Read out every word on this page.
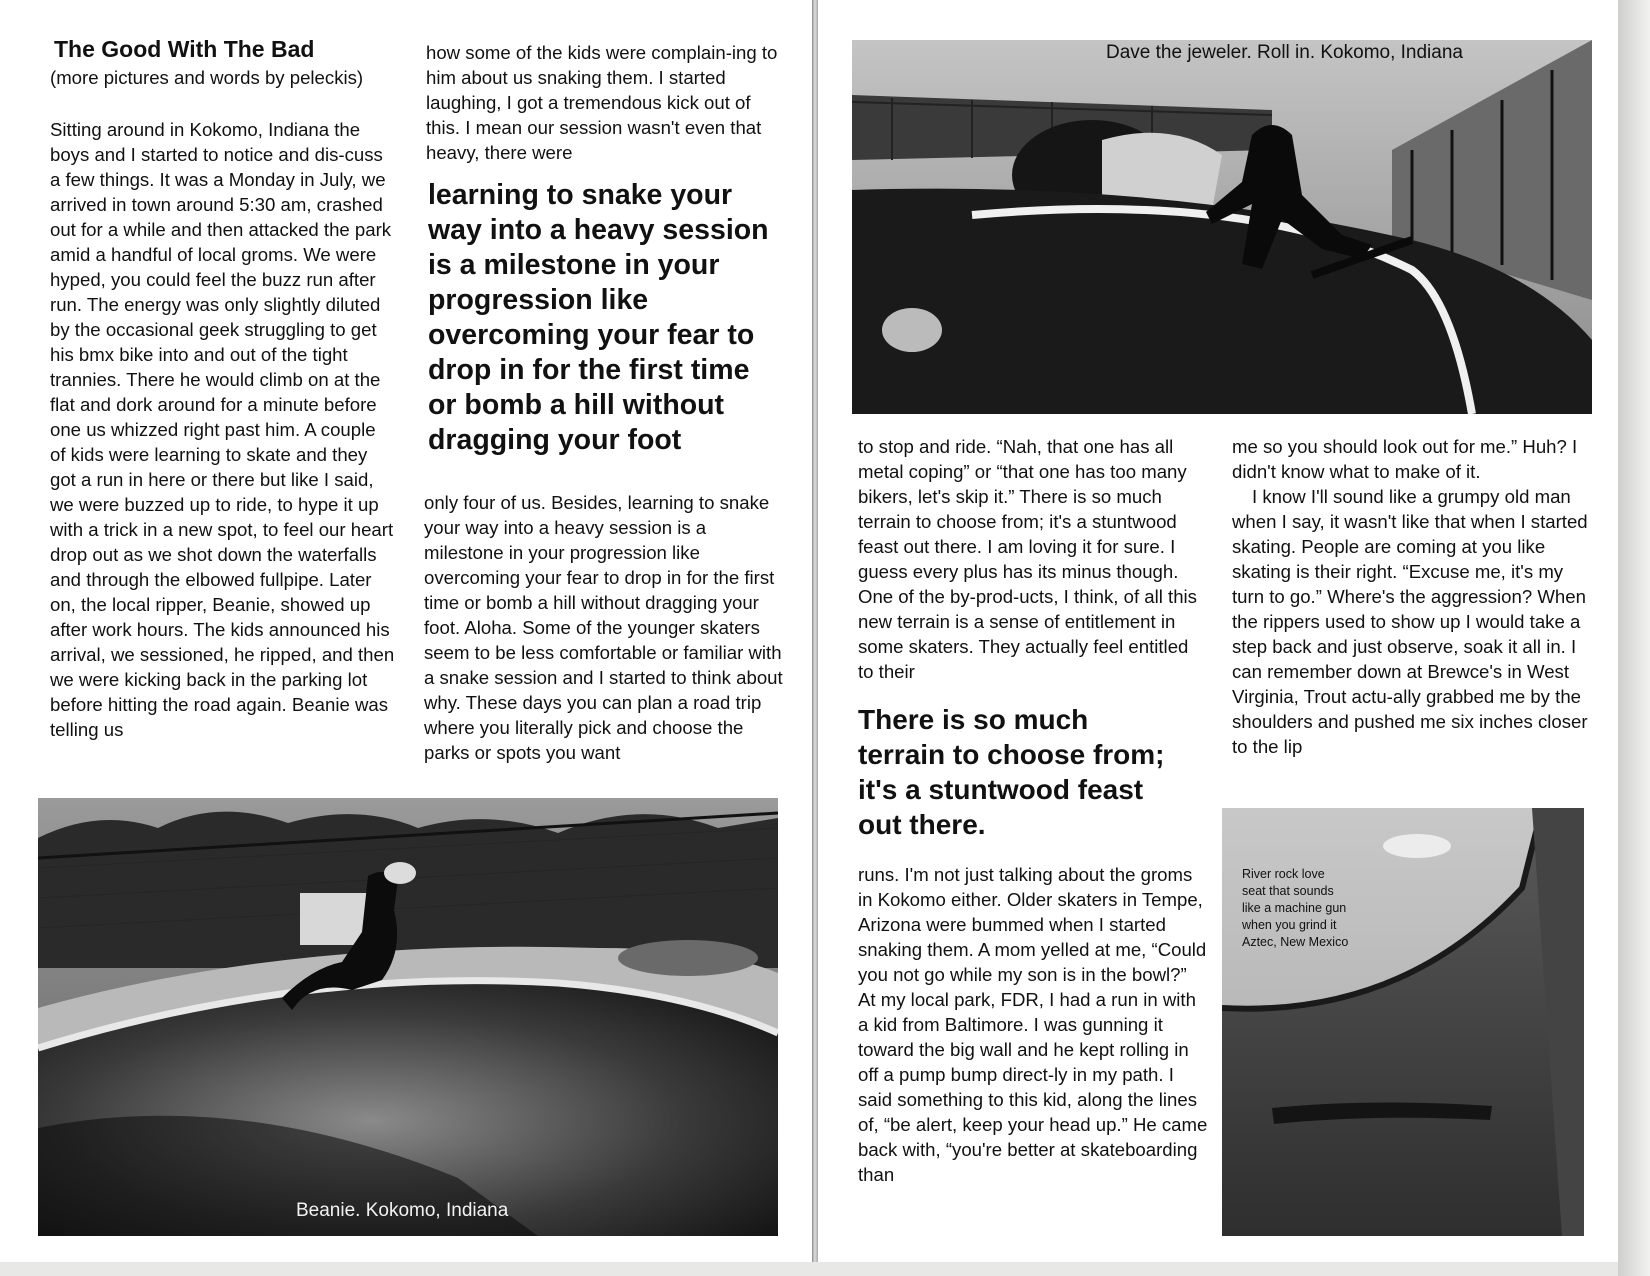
The Good With The Bad
(more pictures and words by peleckis)
Sitting around in Kokomo, Indiana the boys and I started to notice and dis-cuss a few things. It was a Monday in July, we arrived in town around 5:30 am, crashed out for a while and then attacked the park amid a handful of local groms. We were hyped, you could feel the buzz run after run. The energy was only slightly diluted by the occasional geek struggling to get his bmx bike into and out of the tight trannies. There he would climb on at the flat and dork around for a minute before one us whizzed right past him. A couple of kids were learning to skate and they got a run in here or there but like I said, we were buzzed up to ride, to hype it up with a trick in a new spot, to feel our heart drop out as we shot down the waterfalls and through the elbowed fullpipe. Later on, the local ripper, Beanie, showed up after work hours. The kids announced his arrival, we sessioned, he ripped, and then we were kicking back in the parking lot before hitting the road again. Beanie was telling us
how some of the kids were complain-ing to him about us snaking them. I started laughing, I got a tremendous kick out of this. I mean our session wasn't even that heavy, there were
learning to snake your way into a heavy session is a milestone in your progression like overcoming your fear to drop in for the first time or bomb a hill without dragging your foot
only four of us. Besides, learning to snake your way into a heavy session is a milestone in your progression like overcoming your fear to drop in for the first time or bomb a hill without dragging your foot. Aloha. Some of the younger skaters seem to be less comfortable or familiar with a snake session and I started to think about why. These days you can plan a road trip where you literally pick and choose the parks or spots you want
Beanie. Kokomo, Indiana
Dave the jeweler. Roll in. Kokomo, Indiana
to stop and ride. “Nah, that one has all metal coping” or “that one has too many bikers, let's skip it.” There is so much terrain to choose from; it's a stuntwood feast out there. I am loving it for sure. I guess every plus has its minus though. One of the by-prod-ucts, I think, of all this new terrain is a sense of entitlement in some skaters. They actually feel entitled to their
There is so much terrain to choose from; it's a stuntwood feast out there.
runs. I'm not just talking about the groms in Kokomo either. Older skaters in Tempe, Arizona were bummed when I started snaking them. A mom yelled at me, “Could you not go while my son is in the bowl?” At my local park, FDR, I had a run in with a kid from Baltimore. I was gunning it toward the big wall and he kept rolling in off a pump bump direct-ly in my path. I said something to this kid, along the lines of, “be alert, keep your head up.” He came back with, “you're better at skateboarding than
me so you should look out for me.” Huh? I didn't know what to make of it.
I know I'll sound like a grumpy old man when I say, it wasn't like that when I started skating. People are coming at you like skating is their right. “Excuse me, it's my turn to go.” Where's the aggression? When the rippers used to show up I would take a step back and just observe, soak it all in. I can remember down at Brewce's in West Virginia, Trout actu-ally grabbed me by the shoulders and pushed me six inches closer to the lip
River rock love
seat that sounds
like a machine gun
when you grind it
Aztec, New Mexico
